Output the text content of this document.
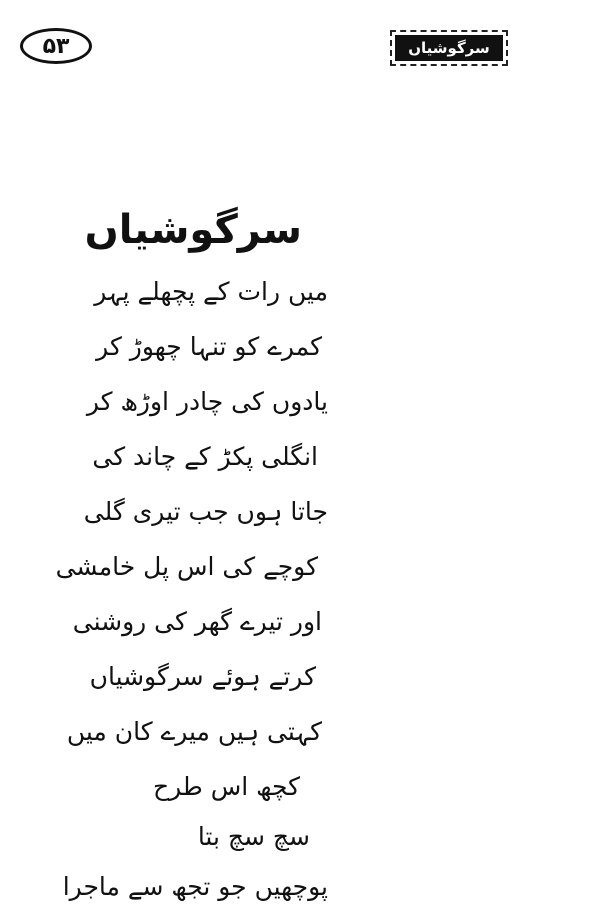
۵۳	سرگوشیاں
سرگوشیاں
میں رات کے پچھلے پہر
کمرے کو تنہا چھوڑ کر
یادوں کی چادر اوڑھ کر
انگلی پکڑ کے چاند کی
جاتا ہوں جب تیری گلی
کوچے کی اس پل خامشی
اور تیرے گھر کی روشنی
کرتے ہوئے سرگوشیاں
کہتی ہیں میرے کان میں
کچھ اس طرح
سچ سچ بتا
پوچھیں جو تجھ سے ماجرا
